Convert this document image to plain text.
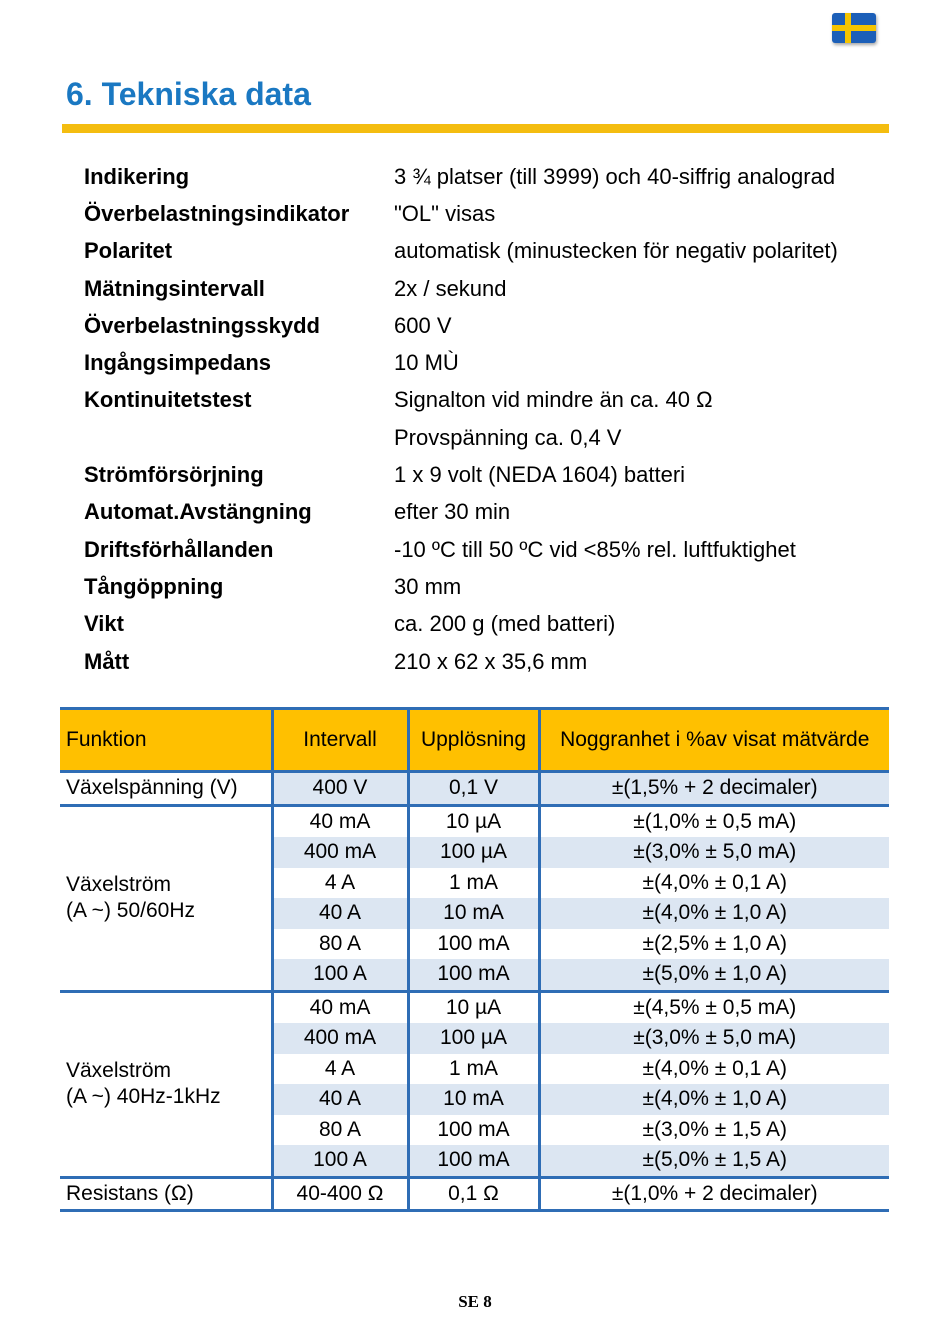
6. Tekniska data
Indikering	3 ¾ platser (till 3999) och 40-siffrig analograd
Överbelastningsindikator	"OL" visas
Polaritet	automatisk (minustecken för negativ polaritet)
Mätningsintervall	2x / sekund
Överbelastningsskydd	600 V
Ingångsimpedans	10 MÙ
Kontinuitetstest	Signalton vid mindre än ca. 40 Ω
Provspänning ca. 0,4 V
Strömförsörjning	1 x 9 volt (NEDA 1604) batteri
Automat.Avstängning	efter 30 min
Driftsförhållanden	-10 ºC till 50 ºC vid <85% rel. luftfuktighet
Tångöppning	30 mm
Vikt	ca. 200 g (med batteri)
Mått	210 x 62 x 35,6 mm
Funktion	Intervall	Upplösning	Noggranhet i %av visat mätvärde

Växelspänning (V)	400 V	0,1 V	±(1,5% + 2 decimaler)

Växelström
(A ~) 50/60Hz	40 mA	10 µA	±(1,0% ± 0,5 mA)
	400 mA	100 µA	±(3,0% ± 5,0 mA)
	4 A	1 mA	±(4,0% ± 0,1 A)
	40 A	10 mA	±(4,0% ± 1,0 A)
	80 A	100 mA	±(2,5% ± 1,0 A)
	100 A	100 mA	±(5,0% ± 1,0 A)

Växelström
(A ~) 40Hz-1kHz	40 mA	10 µA	±(4,5% ± 0,5 mA)
	400 mA	100 µA	±(3,0% ± 5,0 mA)
	4 A	1 mA	±(4,0% ± 0,1 A)
	40 A	10 mA	±(4,0% ± 1,0 A)
	80 A	100 mA	±(3,0% ± 1,5 A)
	100 A	100 mA	±(5,0% ± 1,5 A)

Resistans (Ω)	40-400 Ω	0,1 Ω	±(1,0% + 2 decimaler)
SE 8
